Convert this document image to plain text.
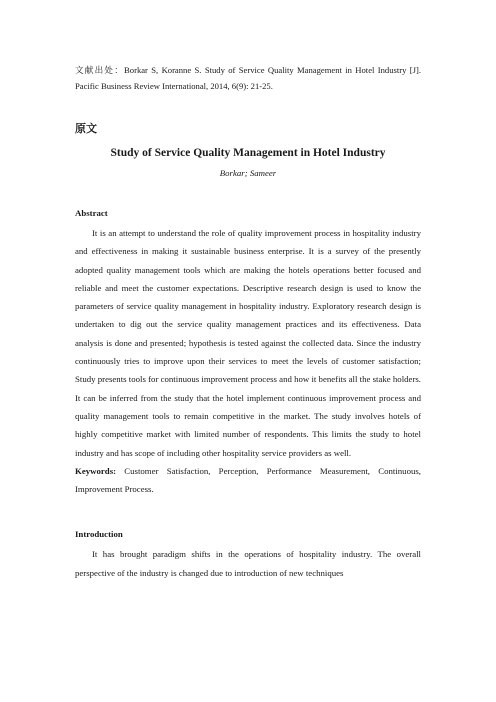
文献出处：Borkar S, Koranne S. Study of Service Quality Management in Hotel Industry [J]. Pacific Business Review International, 2014, 6(9): 21-25.

原文
Study of Service Quality Management in Hotel Industry
Borkar; Sameer
Abstract

It is an attempt to understand the role of quality improvement process in hospitality industry and effectiveness in making it sustainable business enterprise. It is a survey of the presently adopted quality management tools which are making the hotels operations better focused and reliable and meet the customer expectations. Descriptive research design is used to know the parameters of service quality management in hospitality industry. Exploratory research design is undertaken to dig out the service quality management practices and its effectiveness. Data analysis is done and presented; hypothesis is tested against the collected data. Since the industry continuously tries to improve upon their services to meet the levels of customer satisfaction; Study presents tools for continuous improvement process and how it benefits all the stake holders. It can be inferred from the study that the hotel implement continuous improvement process and quality management tools to remain competitive in the market. The study involves hotels of highly competitive market with limited number of respondents. This limits the study to hotel industry and has scope of including other hospitality service providers as well.

Keywords: Customer Satisfaction, Perception, Performance Measurement, Continuous, Improvement Process.

Introduction

It has brought paradigm shifts in the operations of hospitality industry. The overall perspective of the industry is changed due to introduction of new techniques
